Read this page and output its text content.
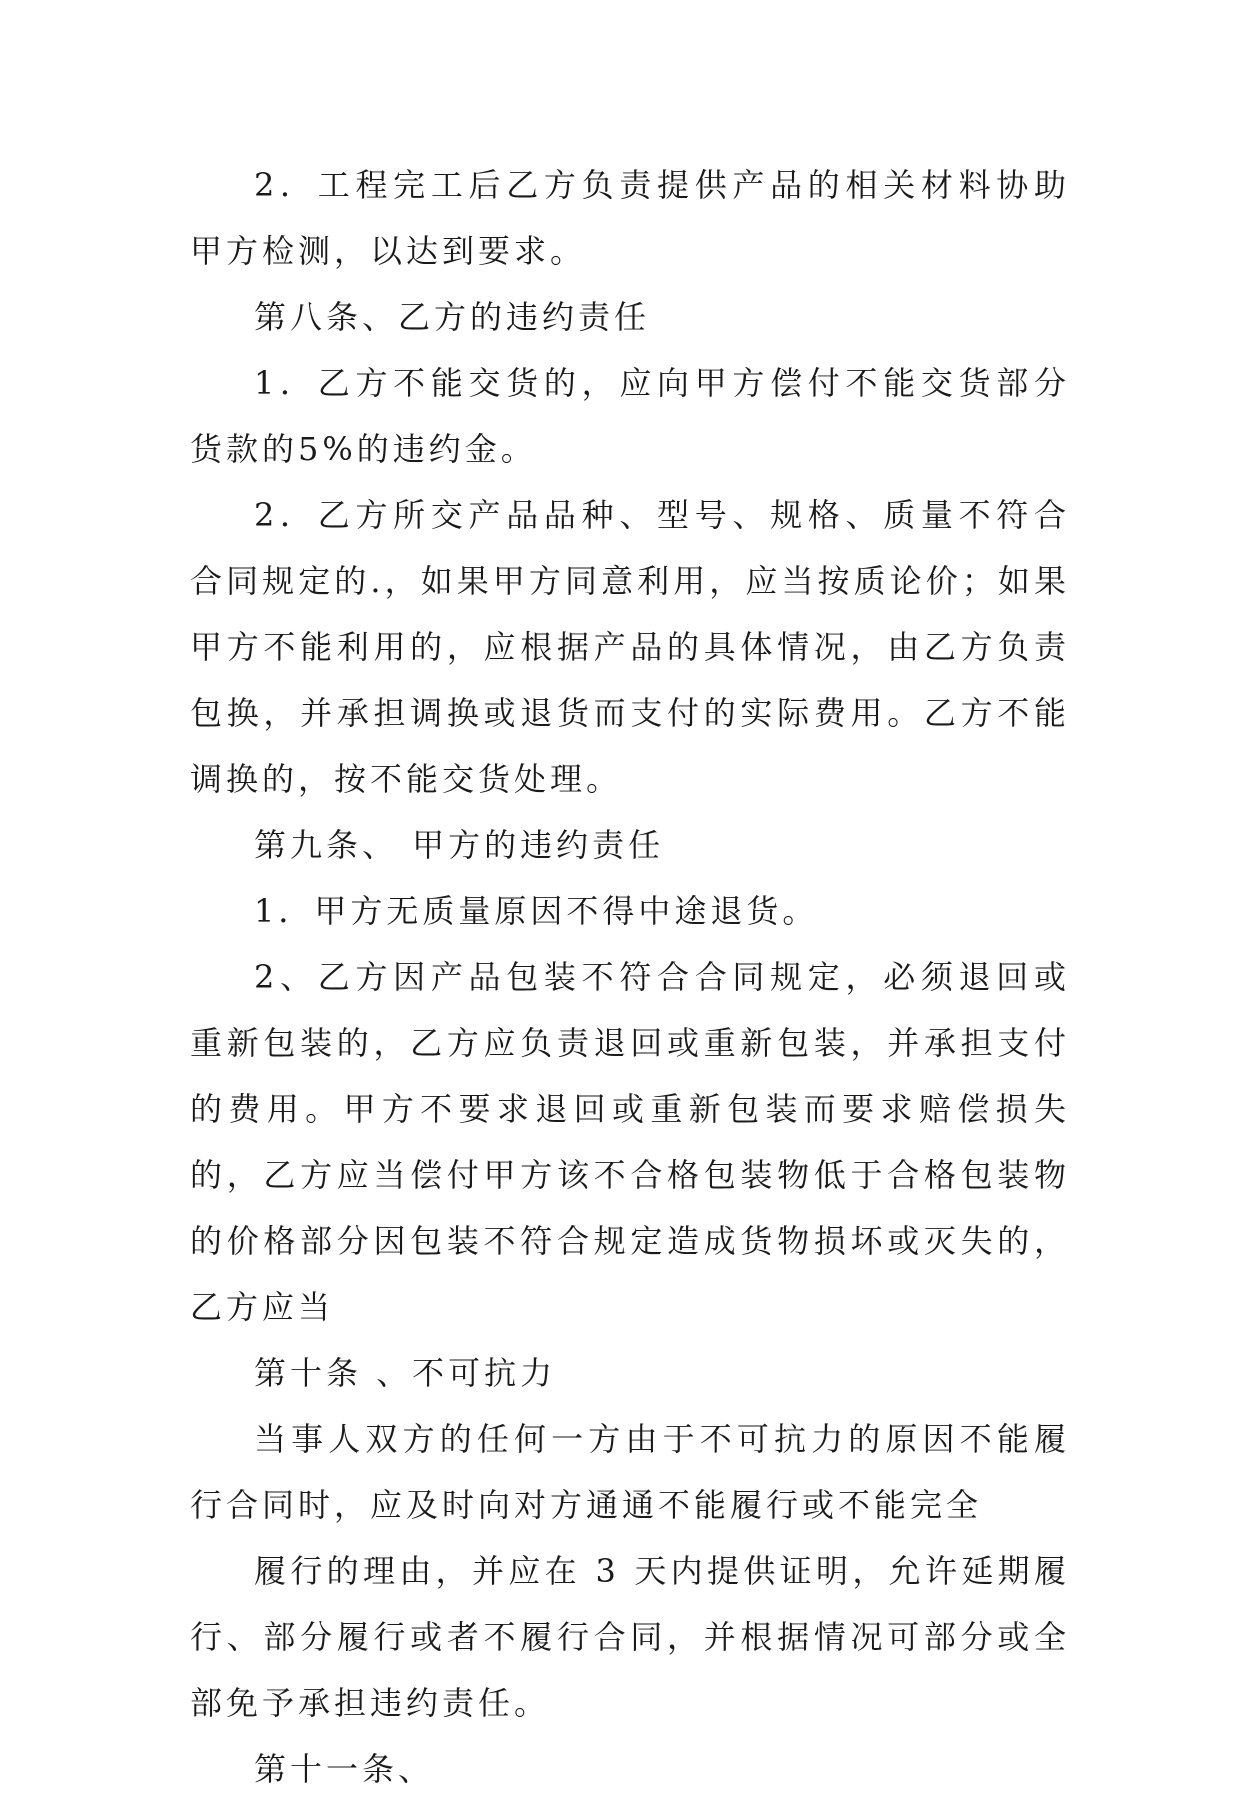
2．工程完工后乙方负责提供产品的相关材料协助甲方检测，以达到要求。

第八条、乙方的违约责任

1．乙方不能交货的，应向甲方偿付不能交货部分货款的5%的违约金。

2．乙方所交产品品种、型号、规格、质量不符合合同规定的.，如果甲方同意利用，应当按质论价；如果甲方不能利用的，应根据产品的具体情况，由乙方负责包换，并承担调换或退货而支付的实际费用。乙方不能调换的，按不能交货处理。

第九条、 甲方的违约责任

1．甲方无质量原因不得中途退货。

2、乙方因产品包装不符合合同规定，必须退回或重新包装的，乙方应负责退回或重新包装，并承担支付的费用。甲方不要求退回或重新包装而要求赔偿损失的，乙方应当偿付甲方该不合格包装物低于合格包装物的价格部分因包装不符合规定造成货物损坏或灭失的，乙方应当

第十条 、不可抗力

当事人双方的任何一方由于不可抗力的原因不能履行合同时，应及时向对方通通不能履行或不能完全

履行的理由，并应在 3 天内提供证明，允许延期履行、部分履行或者不履行合同，并根据情况可部分或全部免予承担违约责任。

第十一条、
